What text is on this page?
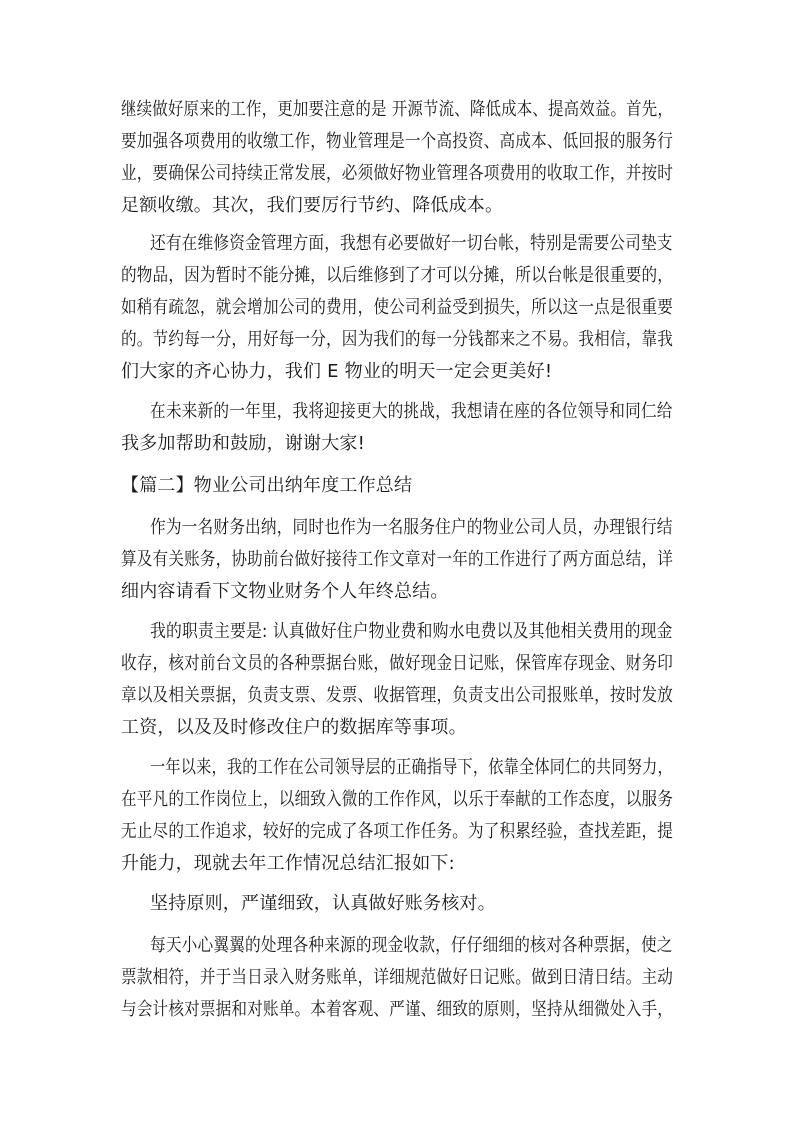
继续做好原来的工作，更加要注意的是 开源节流、降低成本、提高效益。首先，
要加强各项费用的收缴工作，物业管理是一个高投资、高成本、低回报的服务行
业，要确保公司持续正常发展，必须做好物业管理各项费用的收取工作，并按时
足额收缴。其次，我们要厉行节约、降低成本。
还有在维修资金管理方面，我想有必要做好一切台帐，特别是需要公司垫支
的物品，因为暂时不能分摊，以后维修到了才可以分摊，所以台帐是很重要的，
如稍有疏忽，就会增加公司的费用，使公司利益受到损失，所以这一点是很重要
的。节约每一分，用好每一分，因为我们的每一分钱都来之不易。我相信，靠我
们大家的齐心协力，我们 E 物业的明天一定会更美好!
在未来新的一年里，我将迎接更大的挑战，我想请在座的各位领导和同仁给
我多加帮助和鼓励，谢谢大家!
【篇二】物业公司出纳年度工作总结
作为一名财务出纳，同时也作为一名服务住户的物业公司人员，办理银行结
算及有关账务，协助前台做好接待工作文章对一年的工作进行了两方面总结，详
细内容请看下文物业财务个人年终总结。
我的职责主要是: 认真做好住户物业费和购水电费以及其他相关费用的现金
收存，核对前台文员的各种票据台账，做好现金日记账，保管库存现金、财务印
章以及相关票据，负责支票、发票、收据管理，负责支出公司报账单，按时发放
工资，以及及时修改住户的数据库等事项。
一年以来，我的工作在公司领导层的正确指导下，依靠全体同仁的共同努力，
在平凡的工作岗位上，以细致入微的工作作风，以乐于奉献的工作态度，以服务
无止尽的工作追求，较好的完成了各项工作任务。为了积累经验，查找差距，提
升能力，现就去年工作情况总结汇报如下:
坚持原则，严谨细致，认真做好账务核对。
每天小心翼翼的处理各种来源的现金收款，仔仔细细的核对各种票据，使之
票款相符，并于当日录入财务账单，详细规范做好日记账。做到日清日结。主动
与会计核对票据和对账单。本着客观、严谨、细致的原则，坚持从细微处入手，
